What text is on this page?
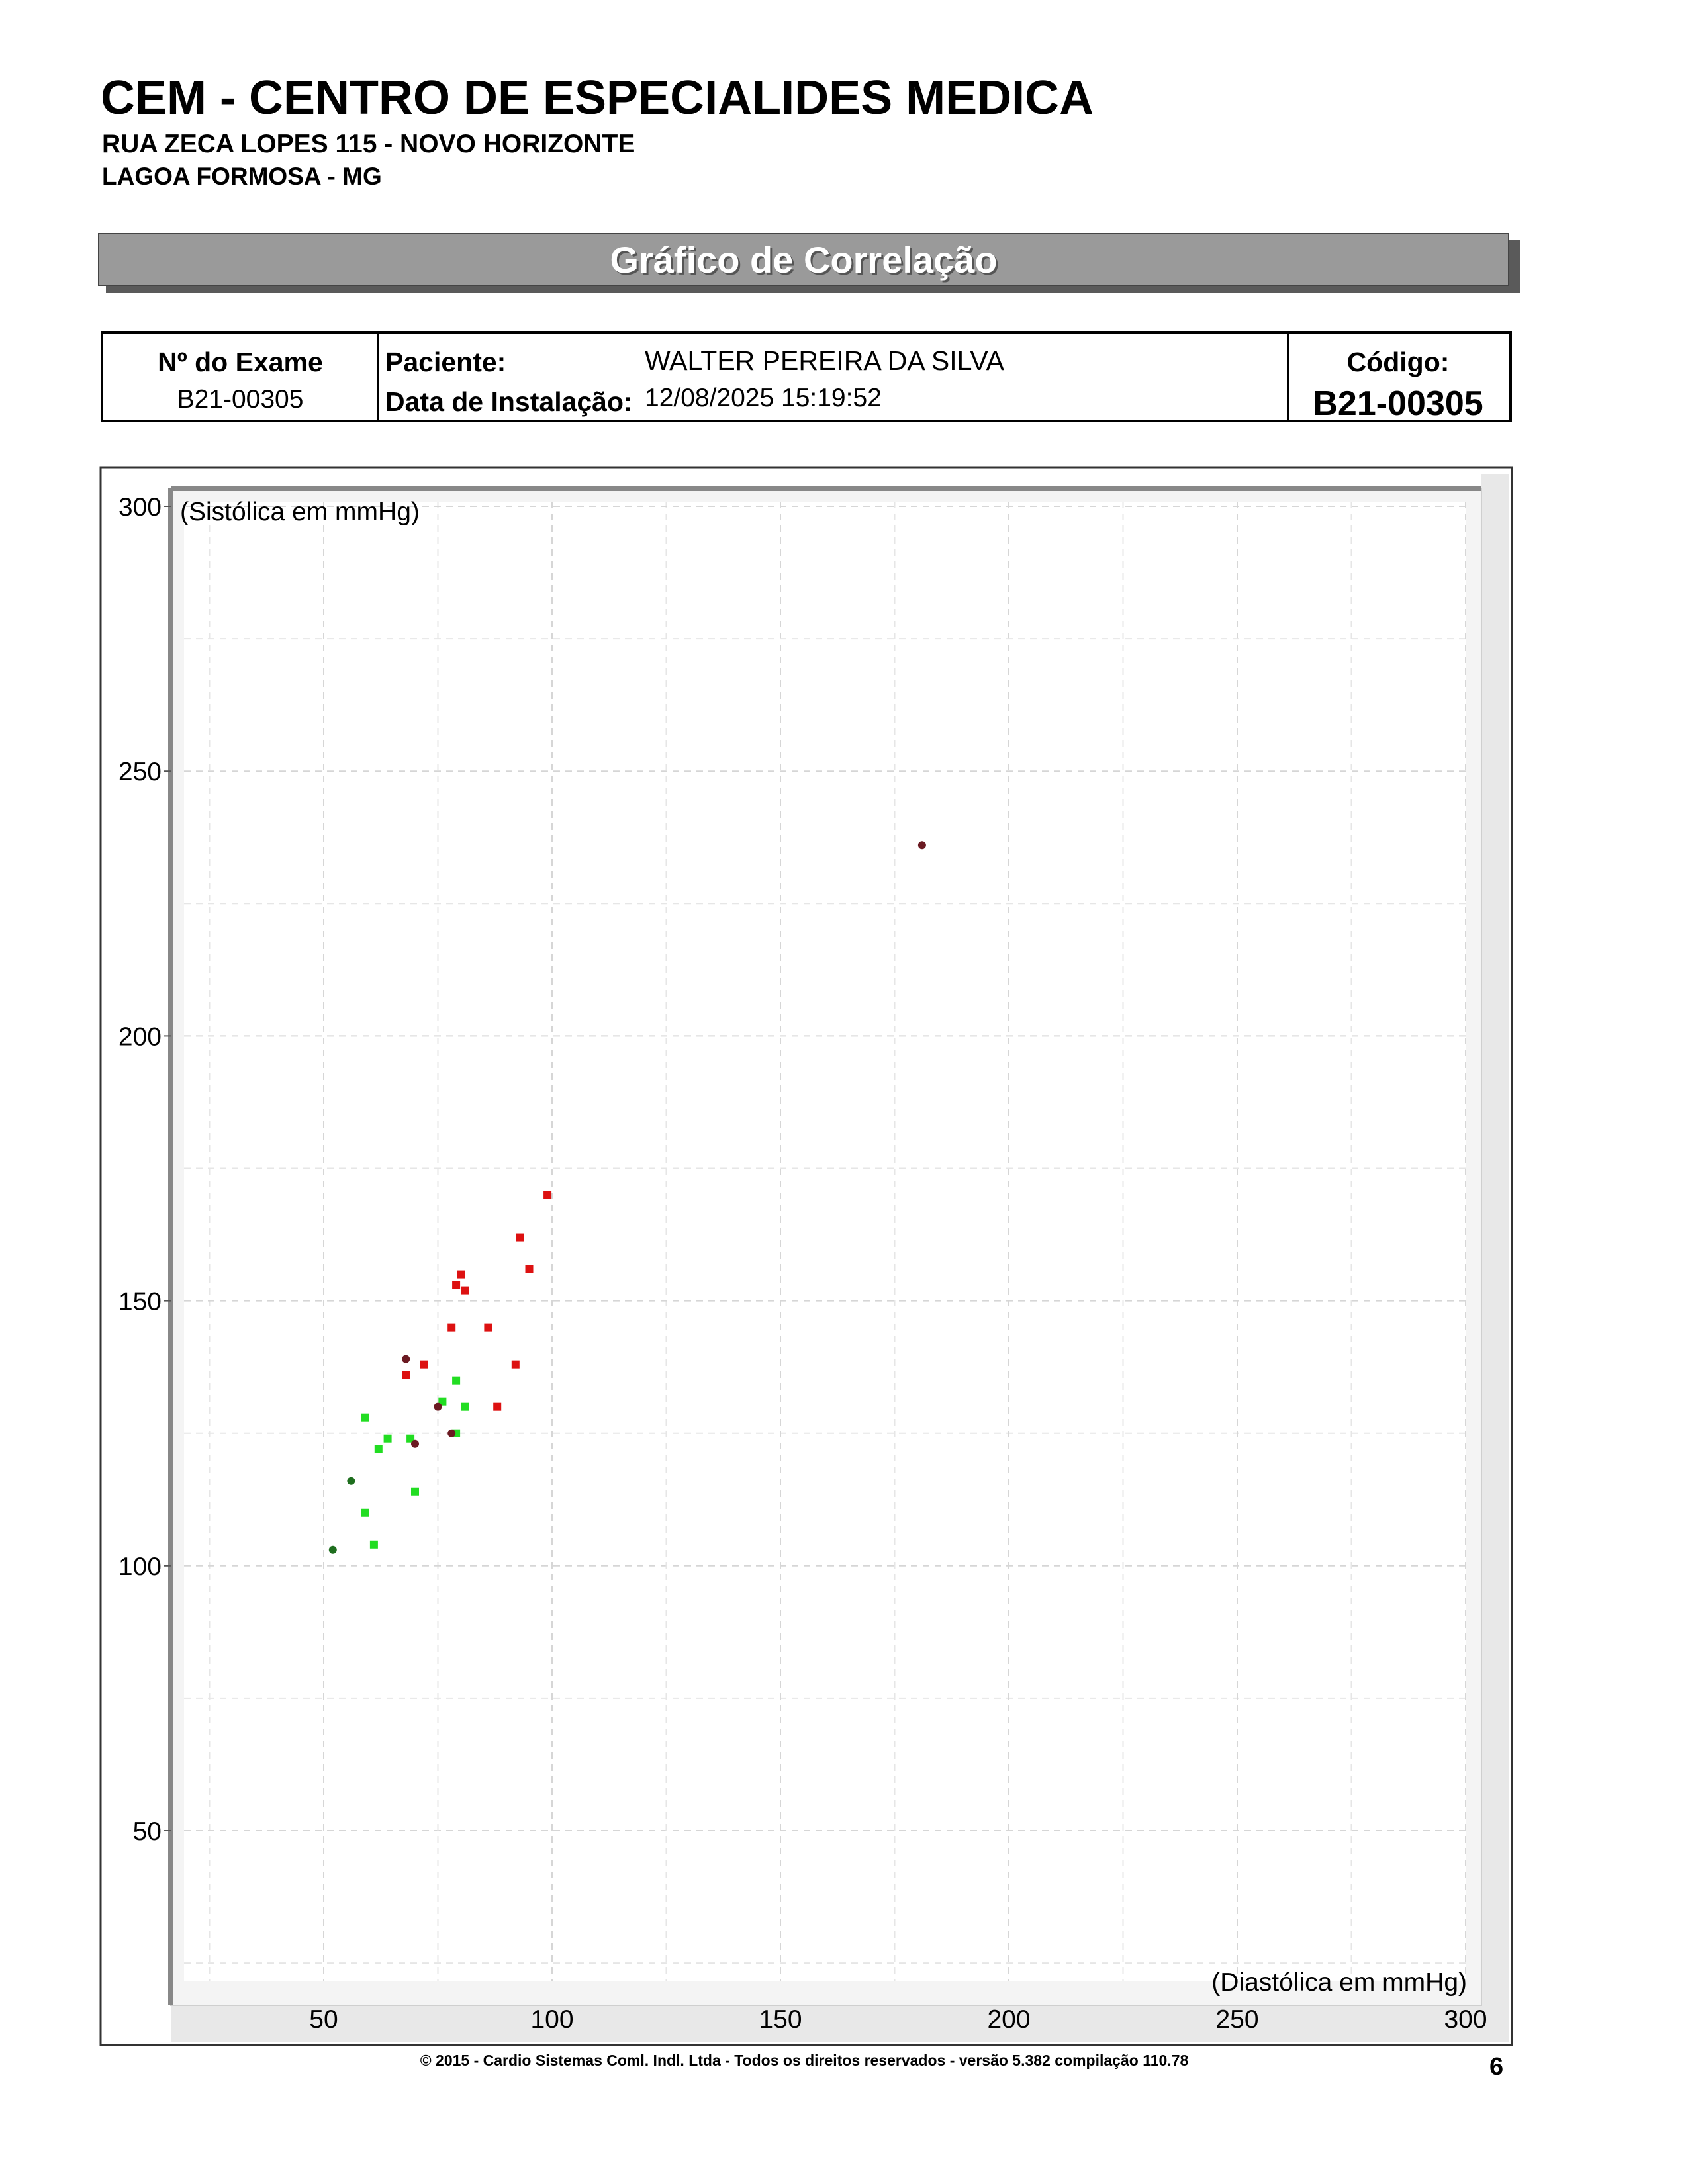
CEM - CENTRO DE ESPECIALIDES MEDICA
RUA ZECA LOPES 115 - NOVO HORIZONTE
LAGOA FORMOSA - MG
Gráfico de Correlação
Nº do Exame
B21-00305
Paciente:	WALTER PEREIRA DA SILVA
Data de Instalação: 12/08/2025 15:19:52
Código:
B21-00305
50
100
150
200
250
300
50	100	150	200	250	300
(Sistólica em mmHg)
(Diastólica em mmHg)
© 2015 - Cardio Sistemas Coml. Indl. Ltda - Todos os direitos reservados - versão 5.382 compilação 110.78	6
